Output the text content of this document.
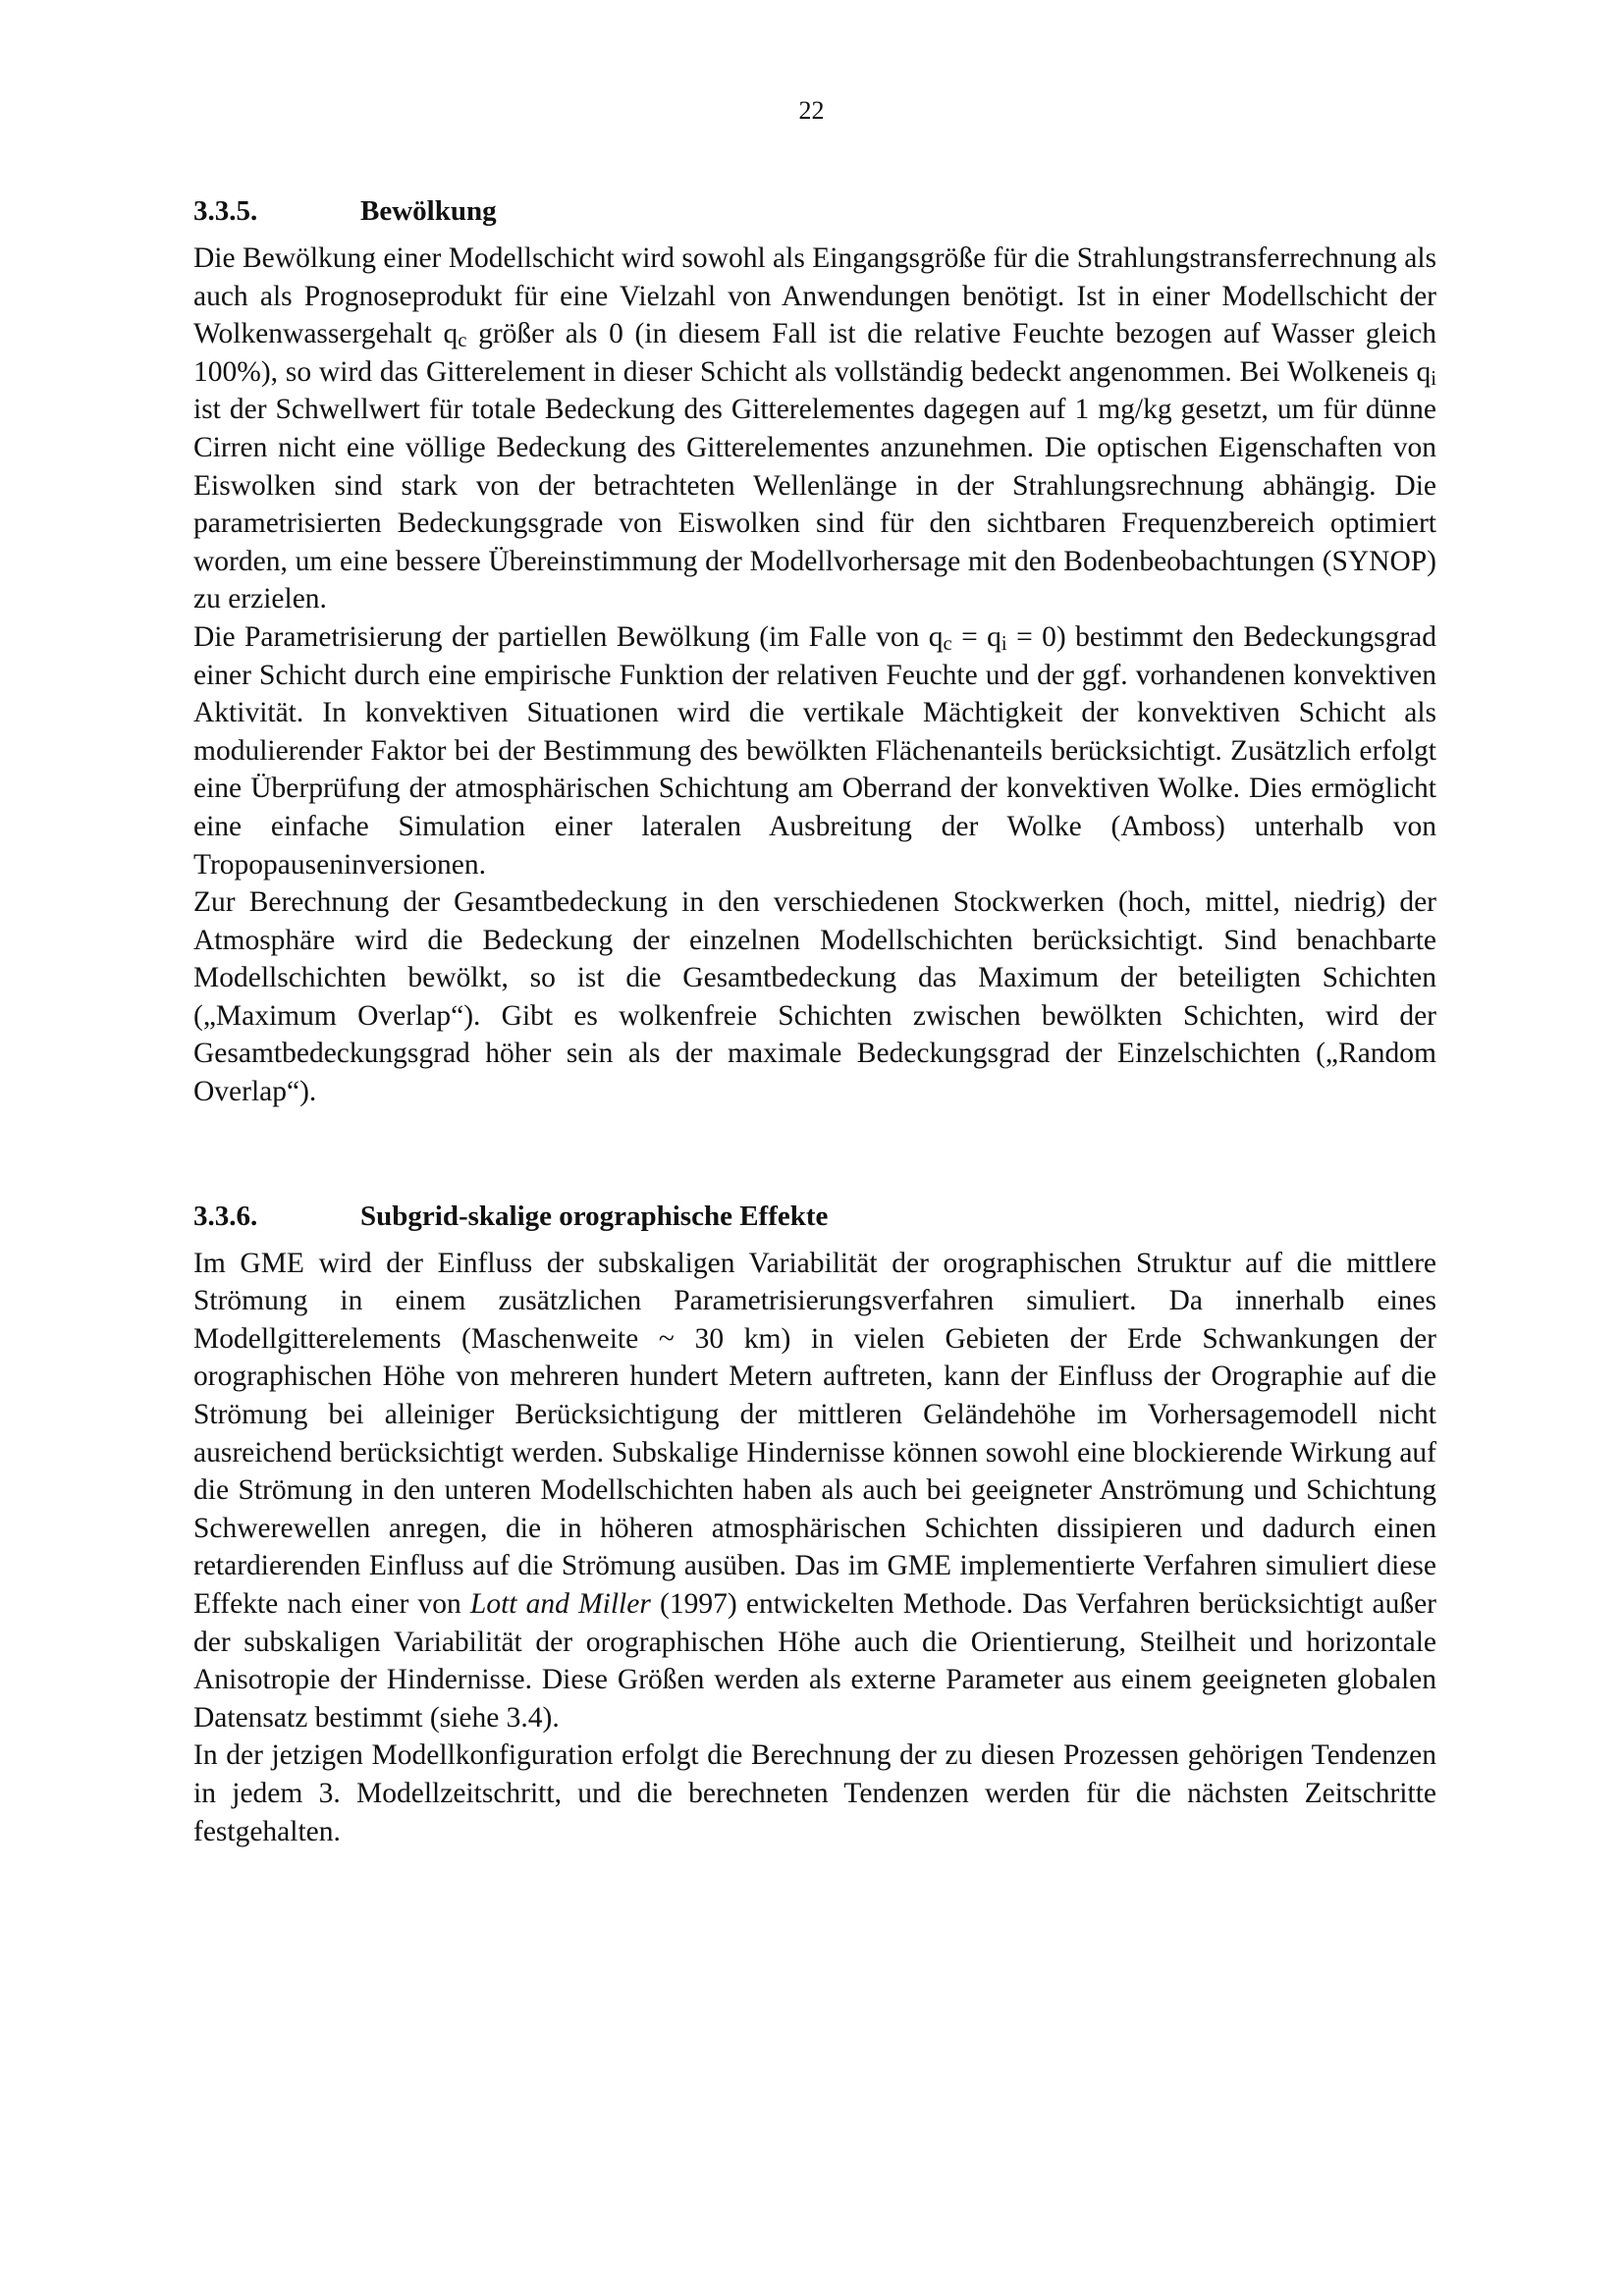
22
3.3.5.	Bewölkung

Die Bewölkung einer Modellschicht wird sowohl als Eingangsgröße für die Strahlungstransferrechnung als auch als Prognoseprodukt für eine Vielzahl von Anwendungen benötigt. Ist in einer Modellschicht der Wolkenwassergehalt $q_c$ größer als 0 (in diesem Fall ist die relative Feuchte bezogen auf Wasser gleich 100%), so wird das Gitterelement in dieser Schicht als vollständig bedeckt angenommen. Bei Wolkeneis $q_i$ ist der Schwellwert für totale Bedeckung des Gitterelementes dagegen auf 1 mg/kg gesetzt, um für dünne Cirren nicht eine völlige Bedeckung des Gitterelementes anzunehmen. Die optischen Eigenschaften von Eiswolken sind stark von der betrachteten Wellenlänge in der Strahlungsrechnung abhängig. Die parametrisierten Bedeckungsgrade von Eiswolken sind für den sichtbaren Frequenzbereich optimiert worden, um eine bessere Übereinstimmung der Modellvorhersage mit den Bodenbeobachtungen (SYNOP) zu erzielen.

Die Parametrisierung der partiellen Bewölkung (im Falle von $q_c = q_i = 0$) bestimmt den Bedeckungsgrad einer Schicht durch eine empirische Funktion der relativen Feuchte und der ggf. vorhandenen konvektiven Aktivität. In konvektiven Situationen wird die vertikale Mächtigkeit der konvektiven Schicht als modulierender Faktor bei der Bestimmung des bewölkten Flächenanteils berücksichtigt. Zusätzlich erfolgt eine Überprüfung der atmosphärischen Schichtung am Oberrand der konvektiven Wolke. Dies ermöglicht eine einfache Simulation einer lateralen Ausbreitung der Wolke (Amboss) unterhalb von Tropopauseninversionen.

Zur Berechnung der Gesamtbedeckung in den verschiedenen Stockwerken (hoch, mittel, niedrig) der Atmosphäre wird die Bedeckung der einzelnen Modellschichten berücksichtigt. Sind benachbarte Modellschichten bewölkt, so ist die Gesamtbedeckung das Maximum der beteiligten Schichten („Maximum Overlap“). Gibt es wolkenfreie Schichten zwischen bewölkten Schichten, wird der Gesamtbedeckungsgrad höher sein als der maximale Bedeckungsgrad der Einzelschichten („Random Overlap“).

3.3.6.	Subgrid-skalige orographische Effekte

Im GME wird der Einfluss der subskaligen Variabilität der orographischen Struktur auf die mittlere Strömung in einem zusätzlichen Parametrisierungsverfahren simuliert. Da innerhalb eines Modellgitterelements (Maschenweite ~ 30 km) in vielen Gebieten der Erde Schwankungen der orographischen Höhe von mehreren hundert Metern auftreten, kann der Einfluss der Orographie auf die Strömung bei alleiniger Berücksichtigung der mittleren Geländehöhe im Vorhersagemodell nicht ausreichend berücksichtigt werden. Subskalige Hindernisse können sowohl eine blockierende Wirkung auf die Strömung in den unteren Modellschichten haben als auch bei geeigneter Anströmung und Schichtung Schwerewellen anregen, die in höheren atmosphärischen Schichten dissipieren und dadurch einen retardierenden Einfluss auf die Strömung ausüben. Das im GME implementierte Verfahren simuliert diese Effekte nach einer von Lott and Miller (1997) entwickelten Methode. Das Verfahren berücksichtigt außer der subskaligen Variabilität der orographischen Höhe auch die Orientierung, Steilheit und horizontale Anisotropie der Hindernisse. Diese Größen werden als externe Parameter aus einem geeigneten globalen Datensatz bestimmt (siehe 3.4).

In der jetzigen Modellkonfiguration erfolgt die Berechnung der zu diesen Prozessen gehörigen Tendenzen in jedem 3. Modellzeitschritt, und die berechneten Tendenzen werden für die nächsten Zeitschritte festgehalten.
